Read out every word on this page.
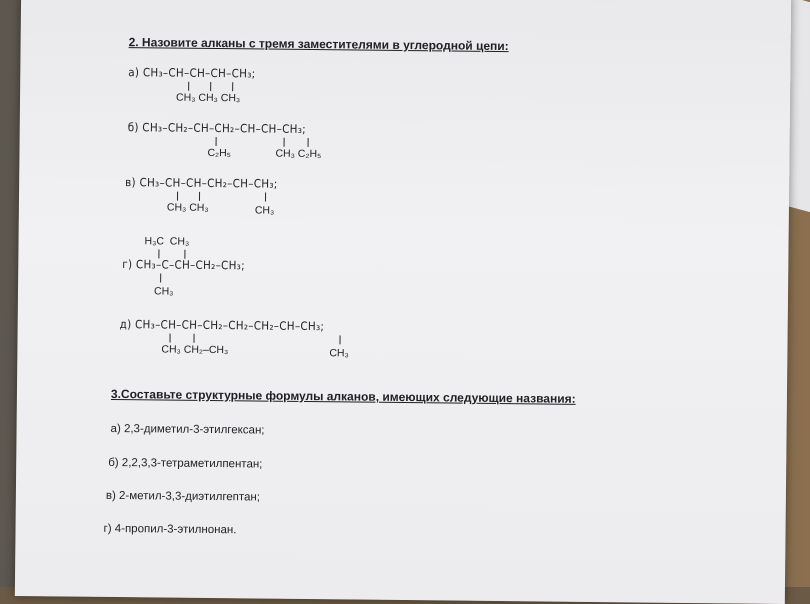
2. Назовите алканы с тремя заместителями в углеродной цепи:
а) CH₃–CH–CH–CH–CH₃;
CH₃ CH₃ CH₃
б) CH₃–CH₂–CH–CH₂–CH–CH–CH₃;
C₂H₅	CH₃ C₂H₅
в) CH₃–CH–CH–CH₂–CH–CH₃;
CH₃ CH₃	CH₃
H₃C  CH₃
г) CH₃–C–CH–CH₂–CH₃;
CH₃
д) CH₃–CH–CH–CH₂–CH₂–CH₂–CH–CH₃;
CH₃ CH₂–CH₃	CH₃
3.Составьте структурные формулы алканов, имеющих следующие названия:
а) 2,3-диметил-3-этилгексан;
б) 2,2,3,3-тетраметилпентан;
в) 2-метил-3,3-диэтилгептан;
г) 4-пропил-3-этилнонан.
